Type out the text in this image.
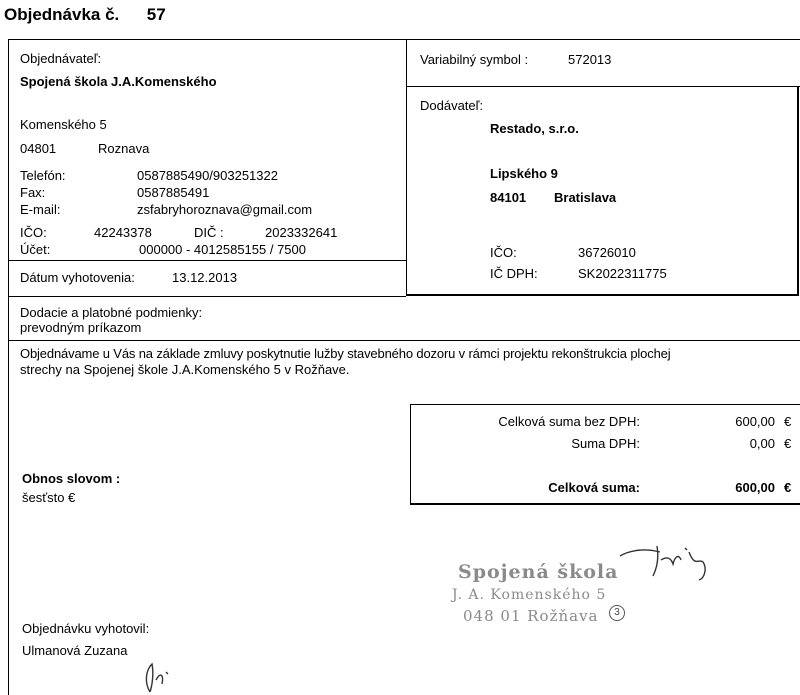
Objednávka č. 57
Objednávateľ:
Spojená škola J.A.Komenského
Komenského 5
04801	Roznava
Telefón:	0587885490/903251322
Fax:	0587885491
E-mail:	zsfabryhoroznava@gmail.com
IČO:	42243378	DIČ :	2023332641
Účet:	000000 - 4012585155 / 7500
Dátum vyhotovenia:	13.12.2013
Variabilný symbol :	572013
Dodávateľ:
Restado, s.r.o.
Lipského 9
84101 Bratislava
IČO:	36726010
IČ DPH:	SK2022311775
Dodacie a platobné podmienky:
prevodným príkazom
Objednávame u Vás na základe zmluvy poskytnutie lužby stavebného dozoru v rámci projektu rekonštrukcia plochej
strechy na Spojenej škole J.A.Komenského 5 v Rožňave.
Celková suma bez DPH:	600,00 €
Suma DPH:	0,00 €
Celková suma:	600,00 €
Obnos slovom :
šesťsto €
Spojená škola
J. A. Komenského 5
048 01 Rožňava	3
Objednávku vyhotovil:
Ulmanová Zuzana
